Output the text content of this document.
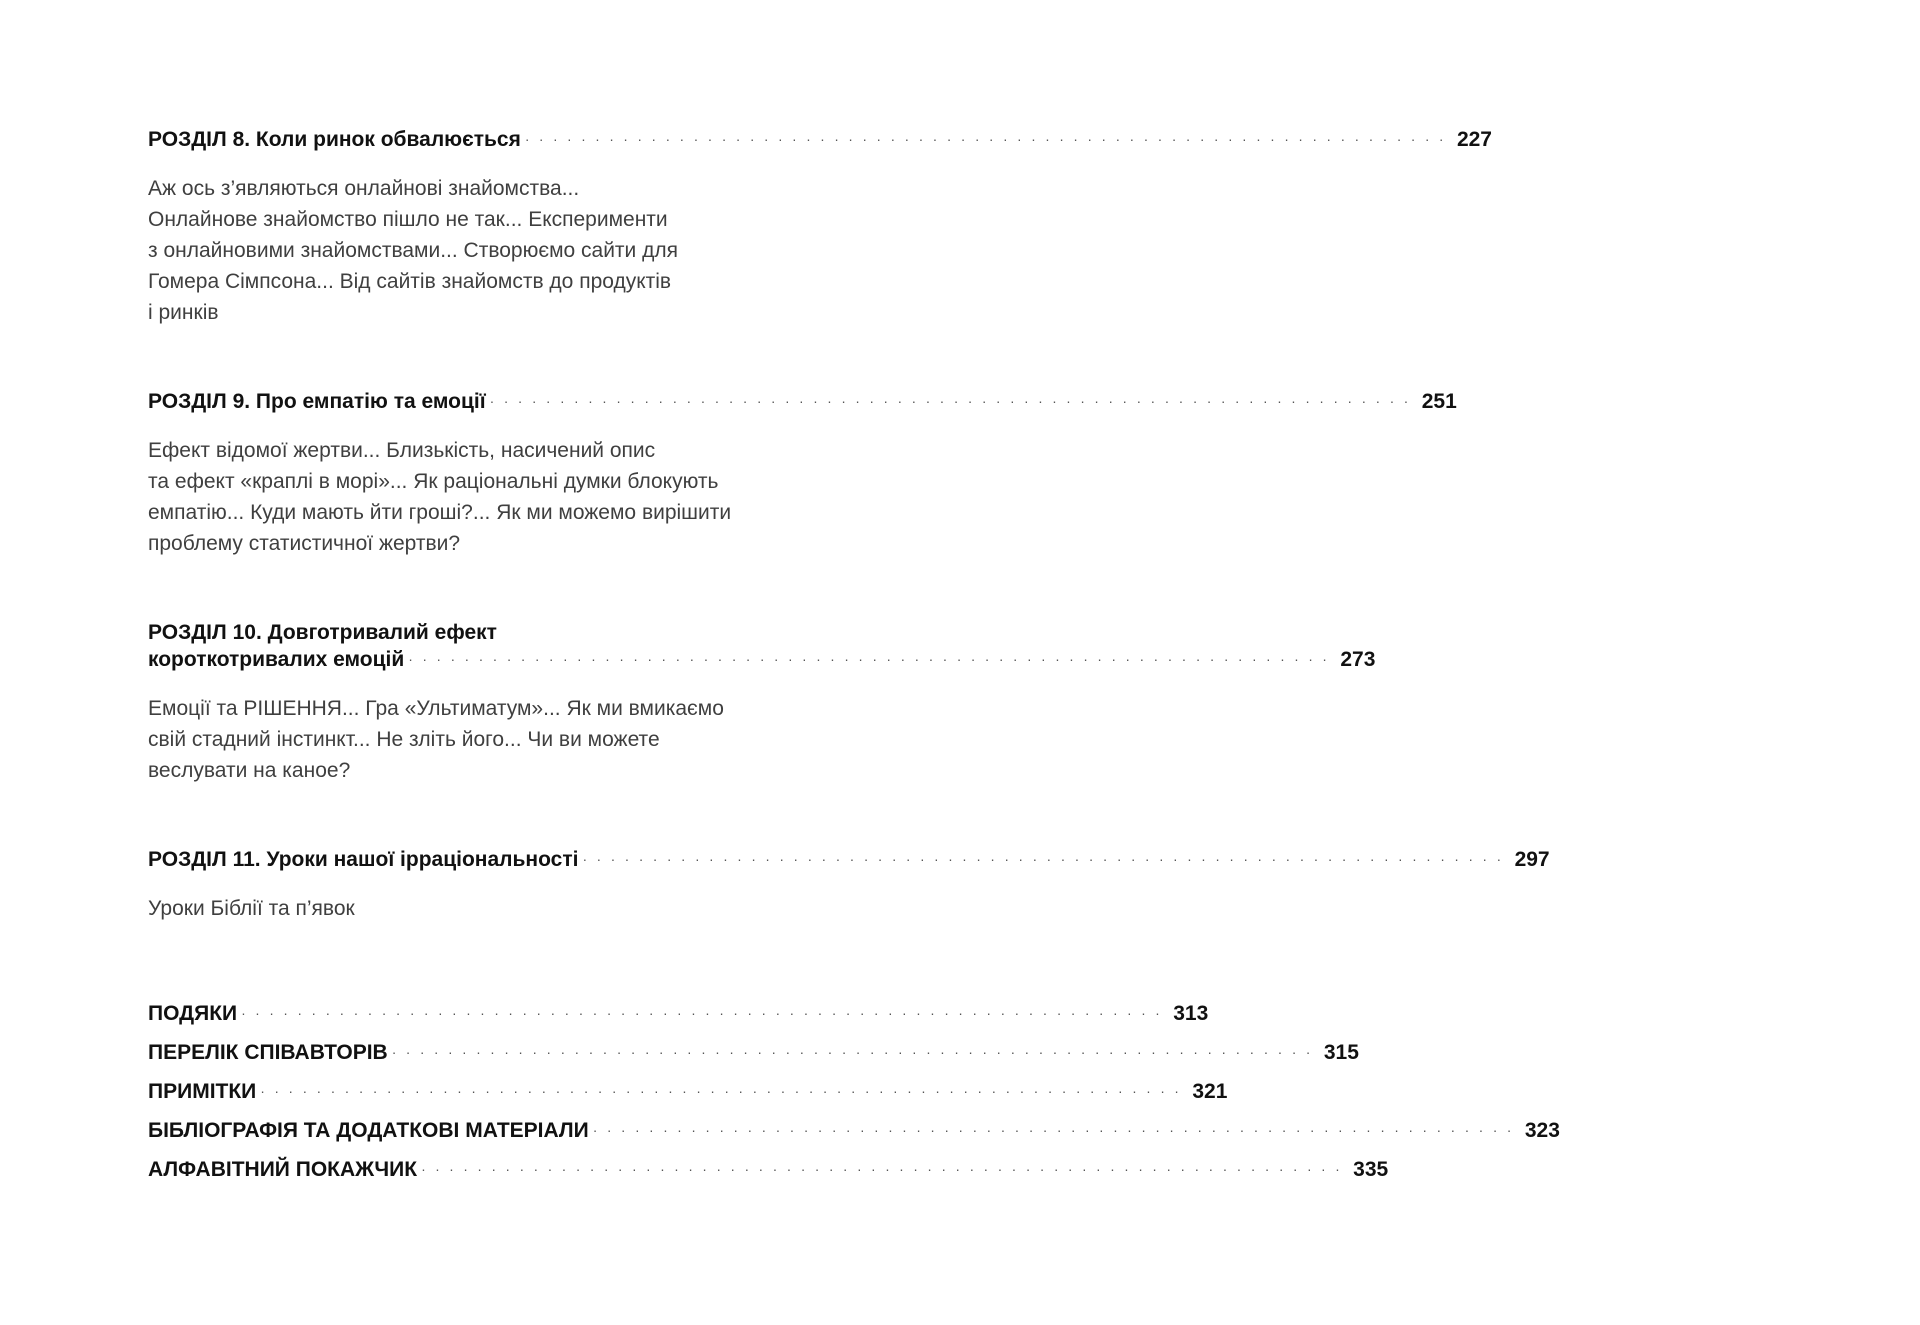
РОЗДІЛ 8. Коли ринок обвалюється ·································································· 227
Аж ось з’являються онлайнові знайомства...
Онлайнове знайомство пішло не так... Експерименти
з онлайновими знайомствами... Створюємо сайти для
Гомера Сімпсона... Від сайтів знайомств до продуктів
і ринків
РОЗДІЛ 9. Про емпатію та емоції ·································································· 251
Ефект відомої жертви... Близькість, насичений опис
та ефект «краплі в морі»... Як раціональні думки блокують
емпатію... Куди мають йти гроші?... Як ми можемо вирішити
проблему статистичної жертви?
РОЗДІЛ 10. Довготривалий ефект
короткотривалих емоцій ·································································· 273
Емоції та РІШЕННЯ... Гра «Ультиматум»... Як ми вмикаємо
свій стадний інстинкт... Не зліть його... Чи ви можете
веслувати на каное?
РОЗДІЛ 11. Уроки нашої ірраціональності ·································································· 297
Уроки Біблії та п’явок
ПОДЯКИ ·································································· 313
ПЕРЕЛІК СПІВАВТОРІВ ·································································· 315
ПРИМІТКИ ·································································· 321
БІБЛІОГРАФІЯ ТА ДОДАТКОВІ МАТЕРІАЛИ ·································································· 323
АЛФАВІТНИЙ ПОКАЖЧИК ·································································· 335
